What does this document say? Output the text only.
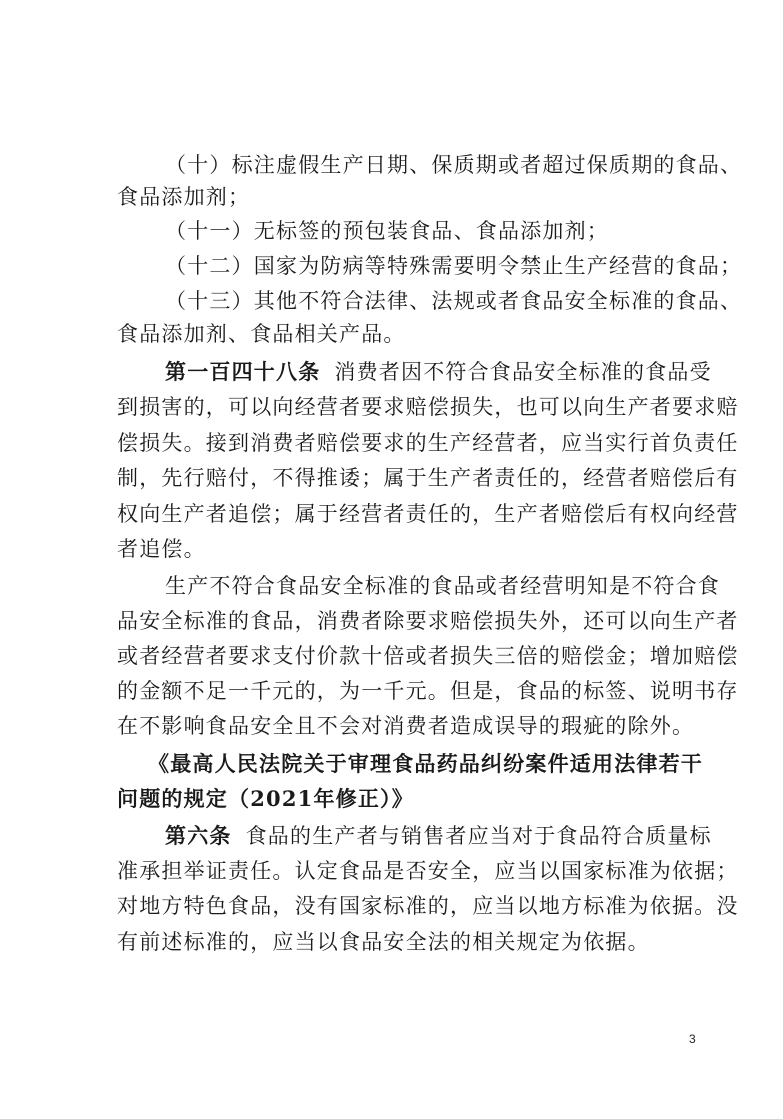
（十）标注虚假生产日期、保质期或者超过保质期的食品、
食品添加剂；
（十一）无标签的预包装食品、食品添加剂；
（十二）国家为防病等特殊需要明令禁止生产经营的食品；
（十三）其他不符合法律、法规或者食品安全标准的食品、
食品添加剂、食品相关产品。
第一百四十八条 消费者因不符合食品安全标准的食品受
到损害的，可以向经营者要求赔偿损失，也可以向生产者要求赔
偿损失。接到消费者赔偿要求的生产经营者，应当实行首负责任
制，先行赔付，不得推诿；属于生产者责任的，经营者赔偿后有
权向生产者追偿；属于经营者责任的，生产者赔偿后有权向经营
者追偿。
生产不符合食品安全标准的食品或者经营明知是不符合食
品安全标准的食品，消费者除要求赔偿损失外，还可以向生产者
或者经营者要求支付价款十倍或者损失三倍的赔偿金；增加赔偿
的金额不足一千元的，为一千元。但是，食品的标签、说明书存
在不影响食品安全且不会对消费者造成误导的瑕疵的除外。
《最高人民法院关于审理食品药品纠纷案件适用法律若干
问题的规定（2021年修正）》
第六条 食品的生产者与销售者应当对于食品符合质量标
准承担举证责任。认定食品是否安全，应当以国家标准为依据；
对地方特色食品，没有国家标准的，应当以地方标准为依据。没
有前述标准的，应当以食品安全法的相关规定为依据。
3
